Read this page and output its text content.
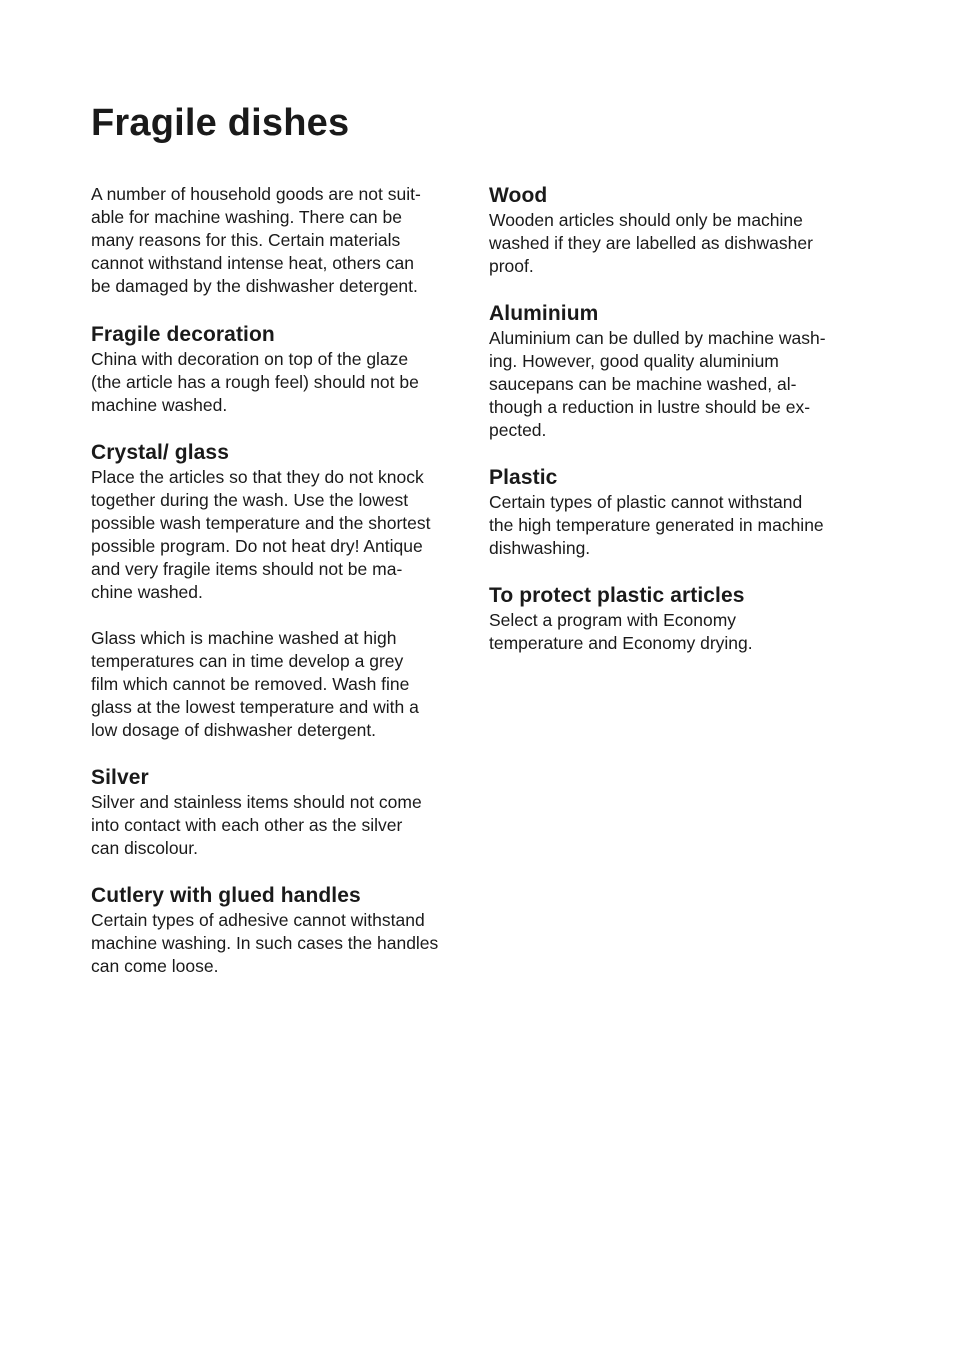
Fragile dishes

A number of household goods are not suit-
able for machine washing. There can be
many reasons for this. Certain materials
cannot withstand intense heat, others can
be damaged by the dishwasher detergent.

Fragile decoration

China with decoration on top of the glaze
(the article has a rough feel) should not be
machine washed.

Crystal/ glass

Place the articles so that they do not knock
together during the wash. Use the lowest
possible wash temperature and the shortest
possible program. Do not heat dry! Antique
and very fragile items should not be ma-
chine washed.

Glass which is machine washed at high
temperatures can in time develop a grey
film which cannot be removed. Wash fine
glass at the lowest temperature and with a
low dosage of dishwasher detergent.

Silver

Silver and stainless items should not come
into contact with each other as the silver
can discolour.

Cutlery with glued handles

Certain types of adhesive cannot withstand
machine washing. In such cases the handles
can come loose.

Wood

Wooden articles should only be machine
washed if they are labelled as dishwasher
proof.

Aluminium

Aluminium can be dulled by machine wash-
ing. However, good quality aluminium
saucepans can be machine washed, al-
though a reduction in lustre should be ex-
pected.

Plastic

Certain types of plastic cannot withstand
the high temperature generated in machine
dishwashing.

To protect plastic articles

Select a program with Economy
temperature and Economy drying.
